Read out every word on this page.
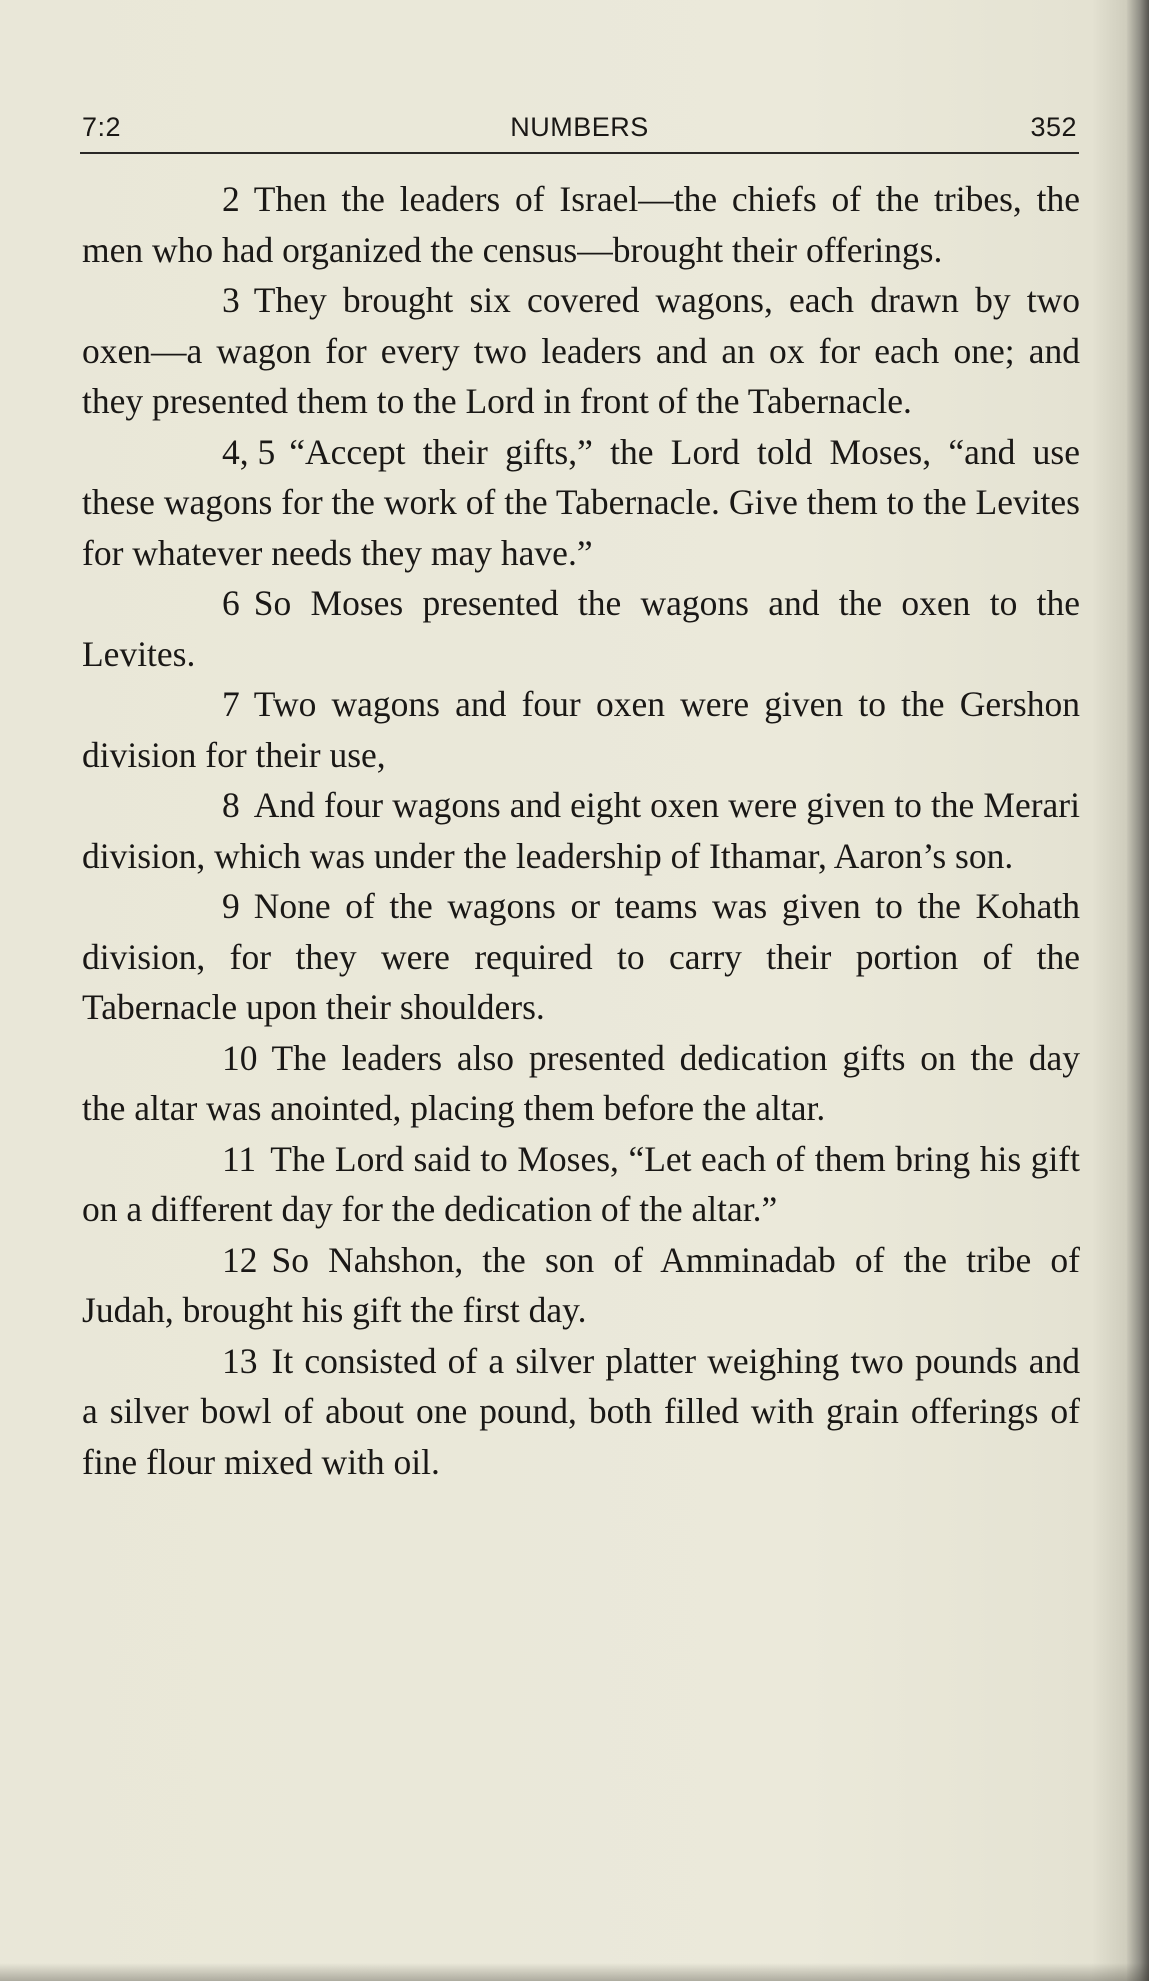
7:2	NUMBERS	352

2 Then the leaders of Israel—the chiefs of the tribes, the men who had organized the census—brought their offerings.

3 They brought six covered wagons, each drawn by two oxen—a wagon for every two leaders and an ox for each one; and they presented them to the Lord in front of the Tabernacle.

4, 5 “Accept their gifts,” the Lord told Moses, “and use these wagons for the work of the Tabernacle. Give them to the Levites for whatever needs they may have.”

6 So Moses presented the wagons and the oxen to the Levites.

7 Two wagons and four oxen were given to the Gershon division for their use,

8 And four wagons and eight oxen were given to the Merari division, which was under the leadership of Ithamar, Aaron’s son.

9 None of the wagons or teams was given to the Kohath division, for they were required to carry their portion of the Tabernacle upon their shoulders.

10 The leaders also presented dedication gifts on the day the altar was anointed, placing them before the altar.

11 The Lord said to Moses, “Let each of them bring his gift on a different day for the dedication of the altar.”

12 So Nahshon, the son of Amminadab of the tribe of Judah, brought his gift the first day.

13 It consisted of a silver platter weighing two pounds and a silver bowl of about one pound, both filled with grain offerings of fine flour mixed with oil.
